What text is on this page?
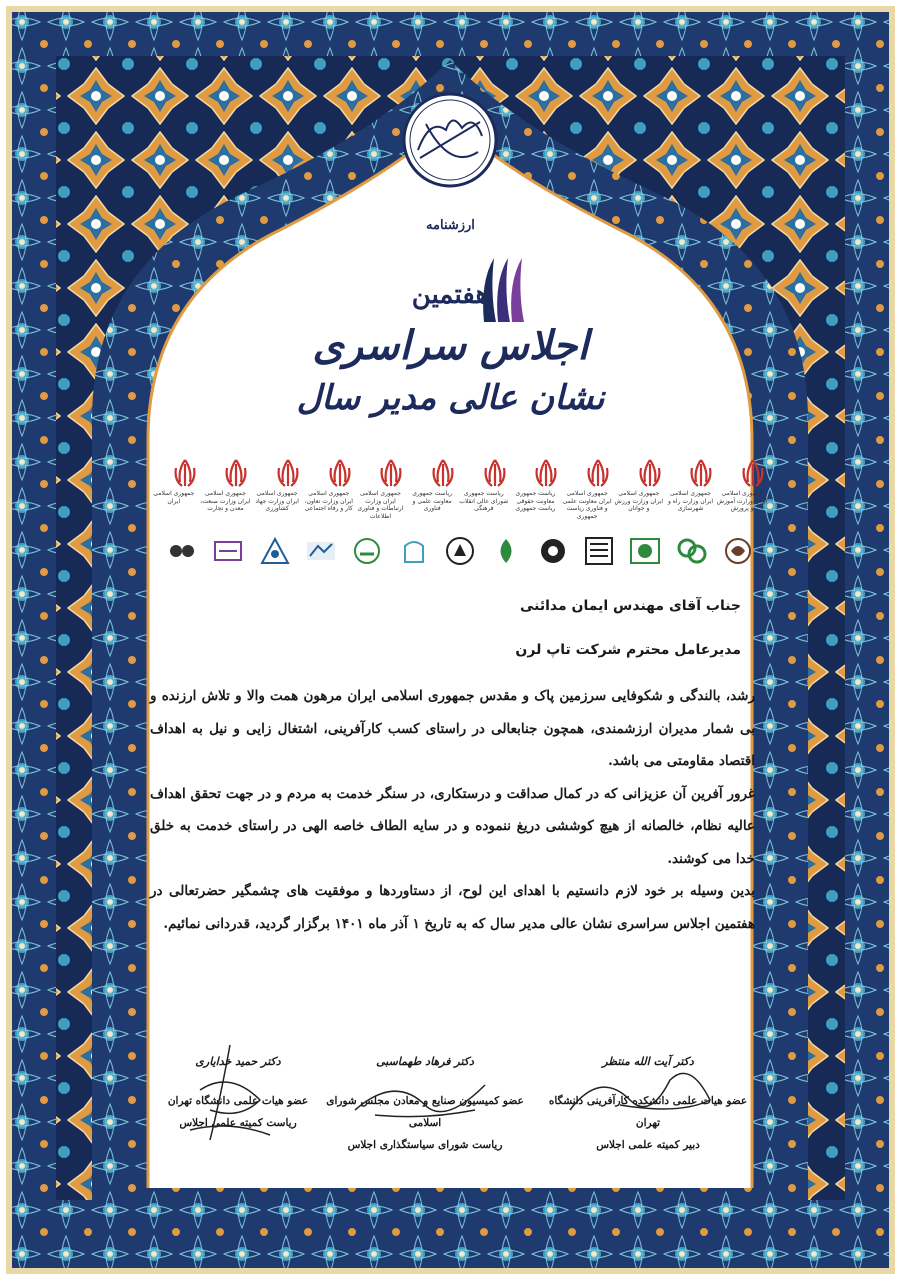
ارزشنامه
هفتمین
اجلاس سراسری
نشان عالی مدیر سال
جمهوری اسلامی ایران وزارت آموزش و پرورش
جمهوری اسلامی ایران وزارت راه و شهرسازی
جمهوری اسلامی ایران وزارت ورزش و جوانان
جمهوری اسلامی ایران معاونت علمی و فناوری ریاست جمهوری
ریاست جمهوری معاونت حقوقی ریاست جمهوری
ریاست جمهوری شورای عالی انقلاب فرهنگی
ریاست جمهوری معاونت علمی و فناوری
جمهوری اسلامی ایران وزارت ارتباطات و فناوری اطلاعات
جمهوری اسلامی ایران وزارت تعاون، کار و رفاه اجتماعی
جمهوری اسلامی ایران وزارت جهاد کشاورزی
جمهوری اسلامی ایران وزارت صنعت، معدن و تجارت
جمهوری اسلامی ایران
جناب آقای مهندس ایمان مدائنی
مدیرعامل محترم شرکت تاپ لرن

رشد، بالندگی و شکوفایی سرزمین پاک و مقدس جمهوری اسلامی ایران مرهون همت والا و تلاش ارزنده و بی شمار مدیران ارزشمندی، همچون جنابعالی در راستای کسب کارآفرینی، اشتغال زایی و نیل به اهداف اقتصاد مقاومتی می باشد.

غرور آفرین آن عزیزانی که در کمال صداقت و درستکاری، در سنگر خدمت به مردم و در جهت تحقق اهداف عالیه نظام، خالصانه از هیچ کوششی دریغ ننموده و در سایه الطاف خاصه الهی در راستای خدمت به خلق خدا می کوشند.

بدین وسیله بر خود لازم دانستیم با اهدای این لوح، از دستاوردها و موفقیت های چشمگیر حضرتعالی در هفتمین اجلاس سراسری نشان عالی مدیر سال که به تاریخ ۱ آذر ماه ۱۴۰۱ برگزار گردید، قدردانی نمائیم.

دکتر آیت الله منتظر
عضو هیات علمی دانشکده کارآفرینی دانشگاه تهران
دبیر کمیته علمی اجلاس
دکتر فرهاد طهماسبی
عضو کمیسیون صنایع و معادن مجلس شورای اسلامی
ریاست شورای سیاستگذاری اجلاس
دکتر حمید خدایاری
عضو هیات علمی دانشگاه تهران
ریاست کمیته علمی اجلاس
